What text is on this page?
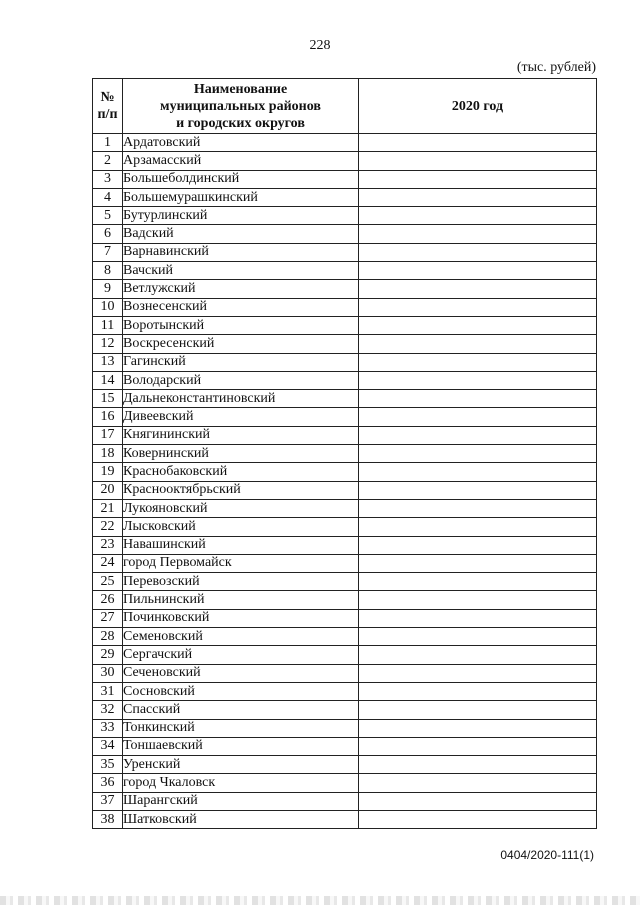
228
(тыс. рублей)
№
п/п	Наименование
муниципальных районов
и городских округов	2020 год
1	Ардатовский	
2	Арзамасский	
3	Большеболдинский	
4	Большемурашкинский	
5	Бутурлинский	
6	Вадский	
7	Варнавинский	
8	Вачский	
9	Ветлужский	
10	Вознесенский	
11	Воротынский	
12	Воскресенский	
13	Гагинский	
14	Володарский	
15	Дальнеконстантиновский	
16	Дивеевский	
17	Княгининский	
18	Ковернинский	
19	Краснобаковский	
20	Краснооктябрьский	
21	Лукояновский	
22	Лысковский	
23	Навашинский	
24	город Первомайск	
25	Перевозский	
26	Пильнинский	
27	Починковский	
28	Семеновский	
29	Сергачский	
30	Сеченовский	
31	Сосновский	
32	Спасский	
33	Тонкинский	
34	Тоншаевский	
35	Уренский	
36	город Чкаловск	
37	Шарангский	
38	Шатковский	
0404/2020-111(1)
